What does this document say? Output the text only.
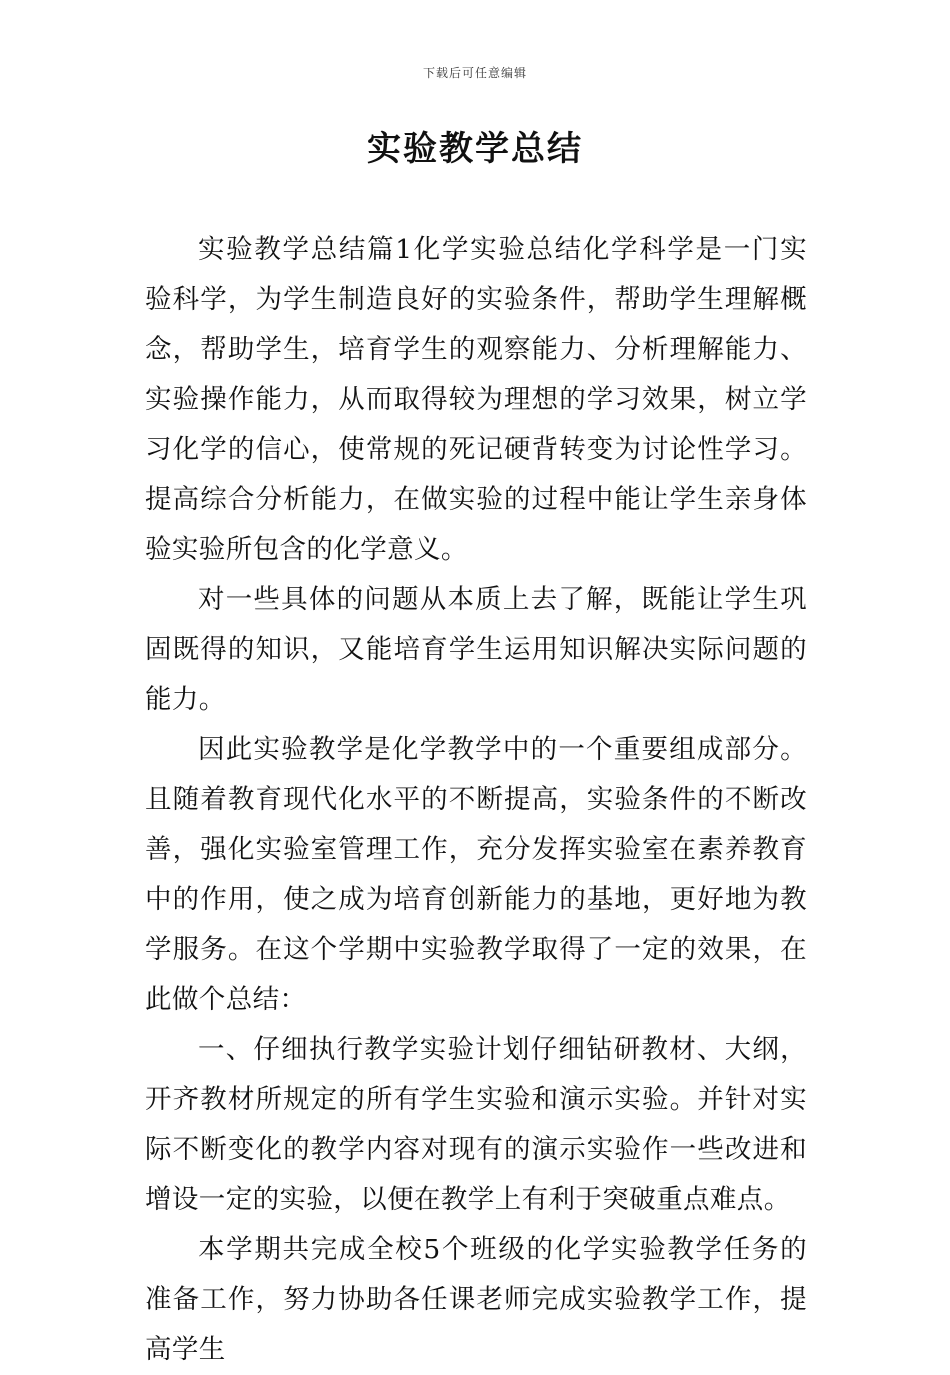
下载后可任意编辑
实验教学总结

实验教学总结篇1化学实验总结化学科学是一门实验科学，为学生制造良好的实验条件，帮助学生理解概念，帮助学生，培育学生的观察能力、分析理解能力、实验操作能力，从而取得较为理想的学习效果，树立学习化学的信心，使常规的死记硬背转变为讨论性学习。提高综合分析能力，在做实验的过程中能让学生亲身体验实验所包含的化学意义。

对一些具体的问题从本质上去了解，既能让学生巩固既得的知识，又能培育学生运用知识解决实际问题的能力。

因此实验教学是化学教学中的一个重要组成部分。且随着教育现代化水平的不断提高，实验条件的不断改善，强化实验室管理工作，充分发挥实验室在素养教育中的作用，使之成为培育创新能力的基地，更好地为教学服务。在这个学期中实验教学取得了一定的效果，在此做个总结：

一、仔细执行教学实验计划仔细钻研教材、大纲，开齐教材所规定的所有学生实验和演示实验。并针对实际不断变化的教学内容对现有的演示实验作一些改进和增设一定的实验，以便在教学上有利于突破重点难点。

本学期共完成全校5个班级的化学实验教学任务的准备工作，努力协助各任课老师完成实验教学工作，提高学生
